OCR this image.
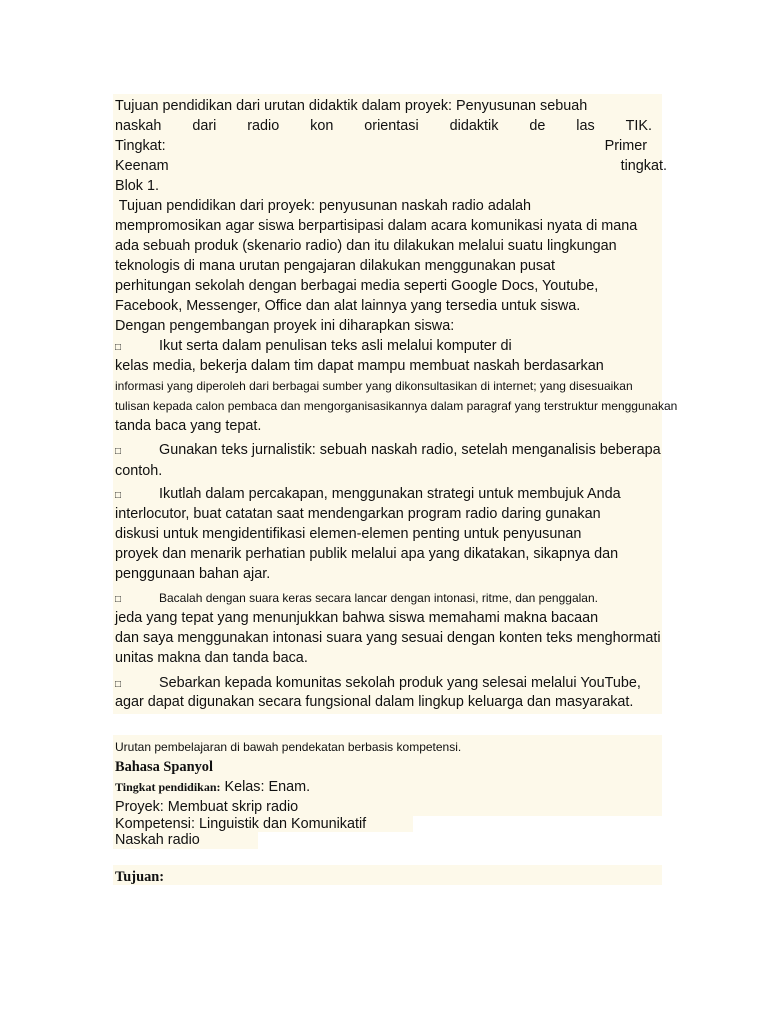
Tujuan pendidikan dari urutan didaktik dalam proyek: Penyusunan sebuah
naskah dari radio kon orientasi didaktik de las TIK.
Tingkat:	Primer
Keenam	tingkat.
Blok 1.
Tujuan pendidikan dari proyek: penyusunan naskah radio adalah
mempromosikan agar siswa berpartisipasi dalam acara komunikasi nyata di mana
ada sebuah produk (skenario radio) dan itu dilakukan melalui suatu lingkungan
teknologis di mana urutan pengajaran dilakukan menggunakan pusat
perhitungan sekolah dengan berbagai media seperti Google Docs, Youtube,
Facebook, Messenger, Office dan alat lainnya yang tersedia untuk siswa.
Dengan pengembangan proyek ini diharapkan siswa:
□	Ikut serta dalam penulisan teks asli melalui komputer di
kelas media, bekerja dalam tim dapat mampu membuat naskah berdasarkan
informasi yang diperoleh dari berbagai sumber yang dikonsultasikan di internet; yang disesuaikan
tulisan kepada calon pembaca dan mengorganisasikannya dalam paragraf yang terstruktur menggunakan
tanda baca yang tepat.
□	Gunakan teks jurnalistik: sebuah naskah radio, setelah menganalisis beberapa
contoh.
□	Ikutlah dalam percakapan, menggunakan strategi untuk membujuk Anda
interlocutor, buat catatan saat mendengarkan program radio daring gunakan
diskusi untuk mengidentifikasi elemen-elemen penting untuk penyusunan
proyek dan menarik perhatian publik melalui apa yang dikatakan, sikapnya dan
penggunaan bahan ajar.
□	Bacalah dengan suara keras secara lancar dengan intonasi, ritme, dan penggalan.
jeda yang tepat yang menunjukkan bahwa siswa memahami makna bacaan
dan saya menggunakan intonasi suara yang sesuai dengan konten teks menghormati
unitas makna dan tanda baca.
□	Sebarkan kepada komunitas sekolah produk yang selesai melalui YouTube,
agar dapat digunakan secara fungsional dalam lingkup keluarga dan masyarakat.
Urutan pembelajaran di bawah pendekatan berbasis kompetensi.
Bahasa Spanyol
Tingkat pendidikan: Kelas: Enam.
Proyek: Membuat skrip radio
Kompetensi: Linguistik dan Komunikatif
Naskah radio
Tujuan:
